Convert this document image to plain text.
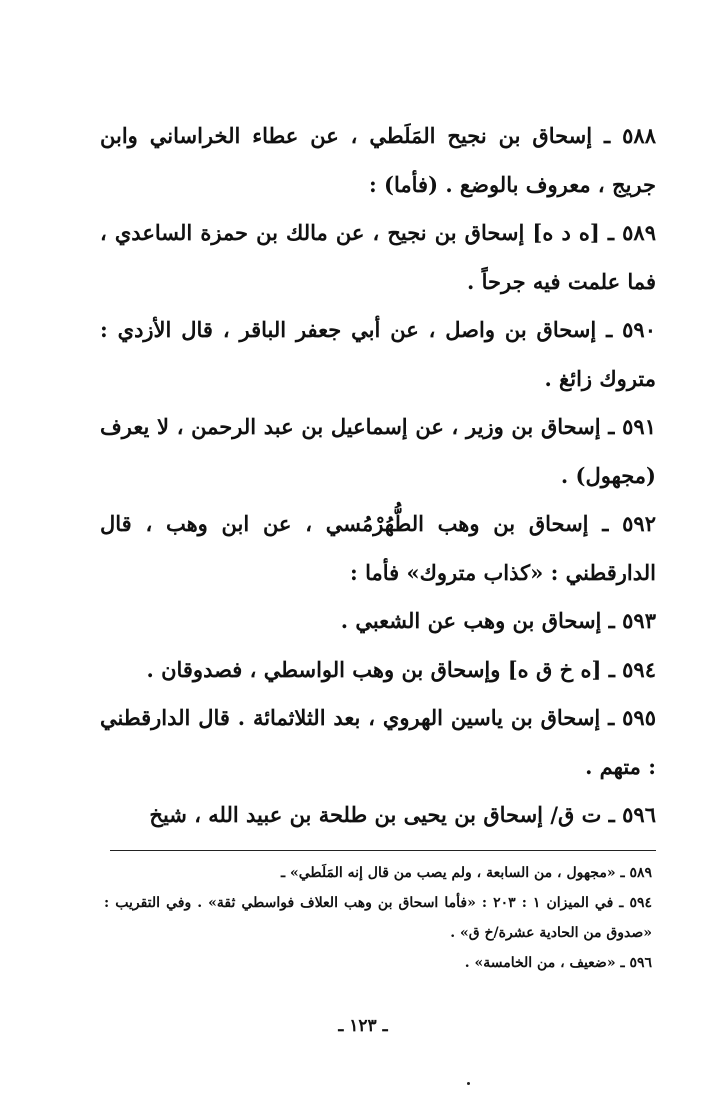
٥٨٨ ـ إسحاق بن نجيح المَلَطي ، عن عطاء الخراساني وابن جريج ، معروف بالوضع . (فأما) :

٥٨٩ ـ [ه د ه] إسحاق بن نجيح ، عن مالك بن حمزة الساعدي ، فما علمت فيه جرحاً .

٥٩٠ ـ إسحاق بن واصل ، عن أبي جعفر الباقر ، قال الأزدي : متروك زائغ .

٥٩١ ـ إسحاق بن وزير ، عن إسماعيل بن عبد الرحمن ، لا يعرف (مجهول) .

٥٩٢ ـ إسحاق بن وهب الطُّهُرْمُسي ، عن ابن وهب ، قال الدارقطني : «كذاب متروك» فأما :

٥٩٣ ـ إسحاق بن وهب عن الشعبي .

٥٩٤ ـ [ه خ ق ه] وإسحاق بن وهب الواسطي ، فصدوقان .

٥٩٥ ـ إسحاق بن ياسين الهروي ، بعد الثلاثمائة . قال الدارقطني : متهم .

٥٩٦ ـ ت ق/ إسحاق بن يحيى بن طلحة بن عبيد الله ، شيخ

٥٨٩ ـ «مجهول ، من السابعة ، ولم يصب من قال إنه المَلَطي» ـ

٥٩٤ ـ في الميزان ١ : ٢٠٣ : «فأما اسحاق بن وهب العلاف فواسطي ثقة» . وفي التقريب : «صدوق من الحادية عشرة/خ ق» .

٥٩٦ ـ «ضعيف ، من الخامسة» .

ـ ١٢٣ ـ
